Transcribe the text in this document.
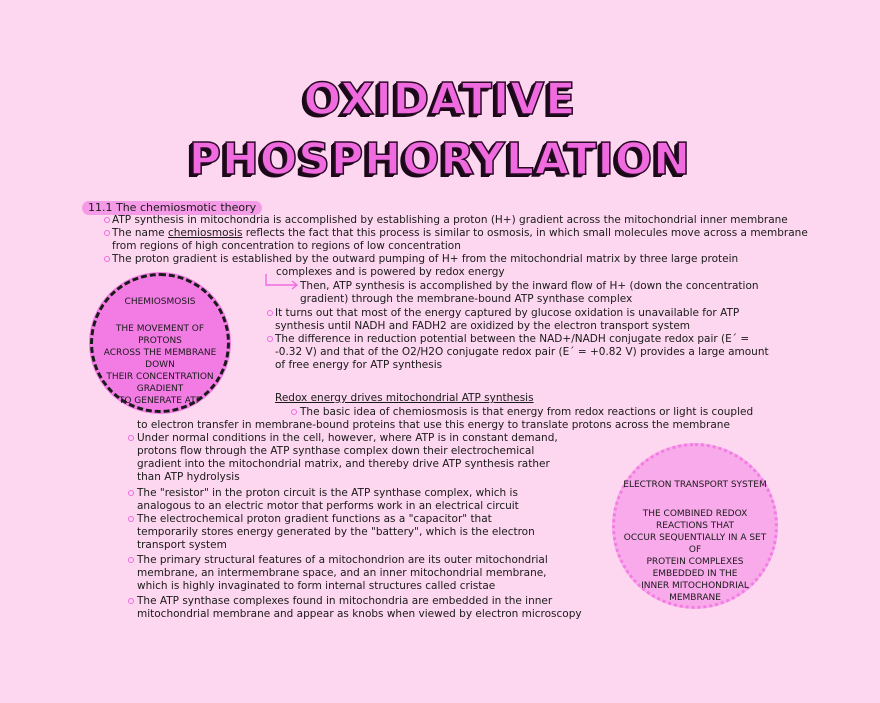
OXIDATIVE
PHOSPHORYLATION
11.1 The chemiosmotic theory
ATP synthesis in mitochondria is accomplished by establishing a proton (H+) gradient across the mitochondrial inner membrane
The name chemiosmosis reflects the fact that this process is similar to osmosis, in which small molecules move across a membrane
from regions of high concentration to regions of low concentration
The proton gradient is established by the outward pumping of H+ from the mitochondrial matrix by three large protein
complexes and is powered by redox energy
Then, ATP synthesis is accomplished by the inward flow of H+ (down the concentration
gradient) through the membrane-bound ATP synthase complex
It turns out that most of the energy captured by glucose oxidation is unavailable for ATP
synthesis until NADH and FADH2 are oxidized by the electron transport system
The difference in reduction potential between the NAD+/NADH conjugate redox pair (E´ =
-0.32 V) and that of the O2/H2O conjugate redox pair (E´ = +0.82 V) provides a large amount
of free energy for ATP synthesis
CHEMIOSMOSIS
THE MOVEMENT OF PROTONS
ACROSS THE MEMBRANE DOWN
THEIR CONCENTRATION GRADIENT
TO GENERATE ATP	Redox energy drives mitochondrial ATP synthesis
The basic idea of chemiosmosis is that energy from redox reactions or light is coupled
to electron transfer in membrane-bound proteins that use this energy to translate protons across the membrane
Under normal conditions in the cell, however, where ATP is in constant demand,
protons flow through the ATP synthase complex down their electrochemical
gradient into the mitochondrial matrix, and thereby drive ATP synthesis rather
than ATP hydrolysis
The "resistor" in the proton circuit is the ATP synthase complex, which is
analogous to an electric motor that performs work in an electrical circuit
The electrochemical proton gradient functions as a "capacitor" that
temporarily stores energy generated by the "battery", which is the electron
transport system
The primary structural features of a mitochondrion are its outer mitochondrial
membrane, an intermembrane space, and an inner mitochondrial membrane,
which is highly invaginated to form internal structures called cristae
The ATP synthase complexes found in mitochondria are embedded in the inner
mitochondrial membrane and appear as knobs when viewed by electron microscopy
ELECTRON TRANSPORT SYSTEM
THE COMBINED REDOX REACTIONS THAT
OCCUR SEQUENTIALLY IN A SET OF
PROTEIN COMPLEXES EMBEDDED IN THE
INNER MITOCHONDRIAL MEMBRANE
